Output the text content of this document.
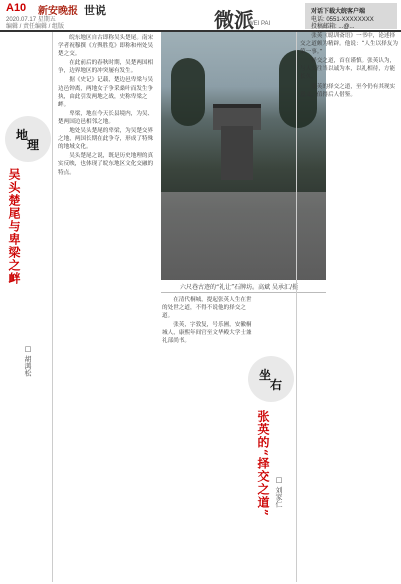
A10 新安晚报 世说
2020.07.17 星期五
编辑 / 责任编辑 / 组版	微派
WEI PAI
对话下载大皖客户端
电话: 0551-XXXXXXXX
投稿邮箱: ...@...
地
理
吴头楚尾与卑梁之衅
□ 胡鸿松

皖东地区自古即称吴头楚尾。南宋学者祝穆撰《方舆胜览》即称和州处吴楚之交。

在此前后的春秋时期，吴楚两国相争，边界地区的冲突屡有发生。

据《史记》记载，楚边邑卑梁与吴边邑钟离，两地女子争采桑叶而发生争执，由此引发两地之战，史称卑梁之衅。

卑梁，地在今天长县境内，为吴、楚两国边邑相邻之地。

地处吴头楚尾的卑梁，为吴楚交界之地，两国长期在此争夺，形成了特殊的地域文化。

吴头楚尾之说，既是历史地理的真实反映，也体现了皖东地区文化交融的特点。

六尺巷古迹的“礼让”石牌坊。高斌 吴承汇/摄
坐
右
张英的“择交之道” □ 刘家仁

在清代桐城，提起张英人生在世的处世之道，不得不说他的择交之道。

张英，字敦复，号乐圃，安徽桐城人，康熙年间官至文华殿大学士兼礼部尚书。

张英《聪训斋语》一书中，论述择交之道颇为精辟。他说：“人生以择友为第一事。”

择交之道，首在谨慎。张英认为，与人交往当以诚为本，以礼相待，方能长久。

张英的择交之道，至今仍有其现实意义，值得后人借鉴。
